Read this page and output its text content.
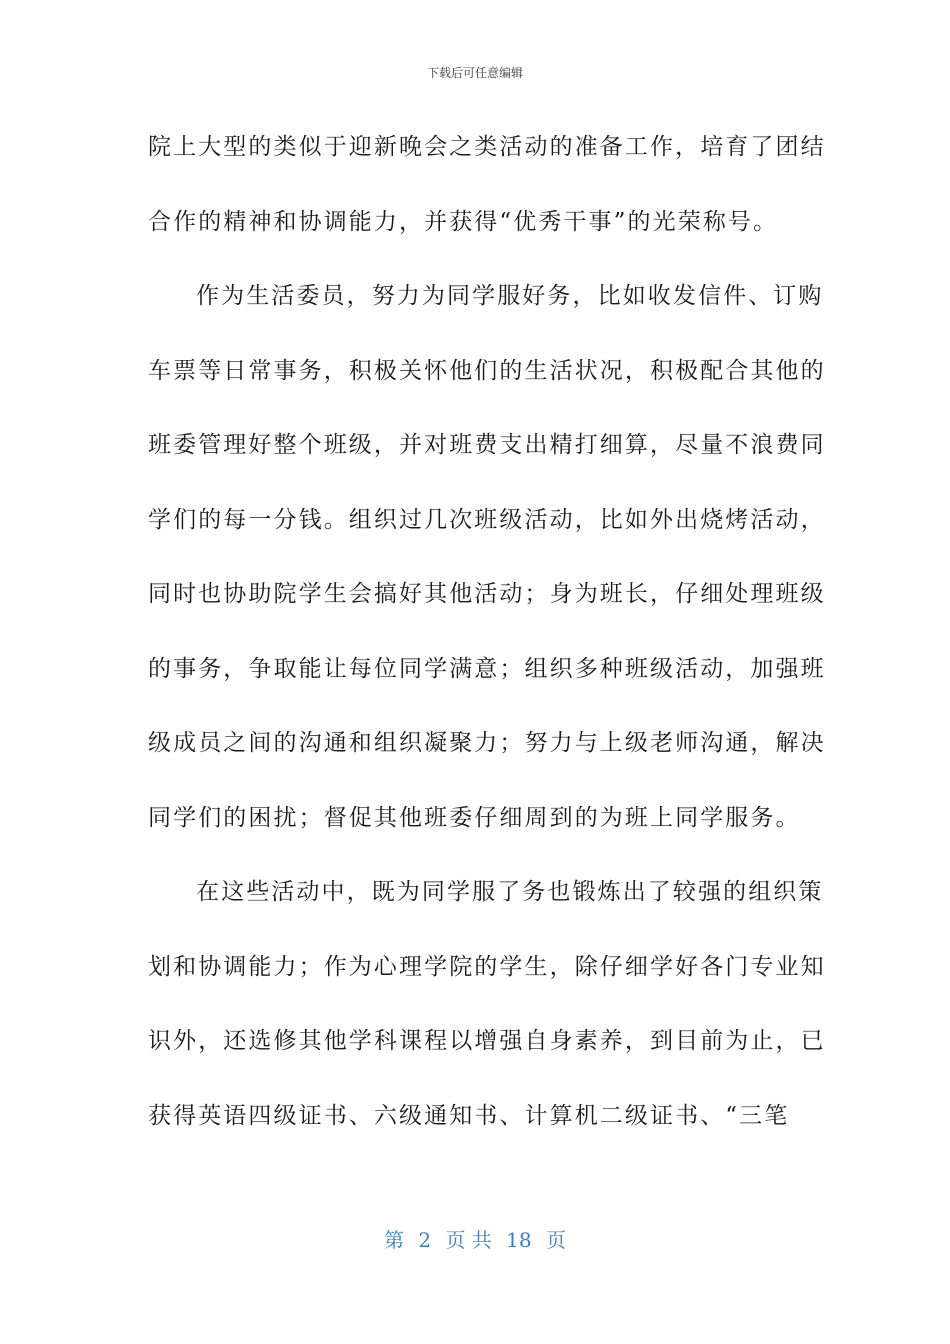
下载后可任意编辑
院上大型的类似于迎新晚会之类活动的准备工作，培育了团结
合作的精神和协调能力，并获得“优秀干事”的光荣称号。
作为生活委员，努力为同学服好务，比如收发信件、订购
车票等日常事务，积极关怀他们的生活状况，积极配合其他的
班委管理好整个班级，并对班费支出精打细算，尽量不浪费同
学们的每一分钱。组织过几次班级活动，比如外出烧烤活动，
同时也协助院学生会搞好其他活动；身为班长，仔细处理班级
的事务，争取能让每位同学满意；组织多种班级活动，加强班
级成员之间的沟通和组织凝聚力；努力与上级老师沟通，解决
同学们的困扰；督促其他班委仔细周到的为班上同学服务。
在这些活动中，既为同学服了务也锻炼出了较强的组织策
划和协调能力；作为心理学院的学生，除仔细学好各门专业知
识外，还选修其他学科课程以增强自身素养，到目前为止，已
获得英语四级证书、六级通知书、计算机二级证书、“三笔
第 2 页 共 18 页
